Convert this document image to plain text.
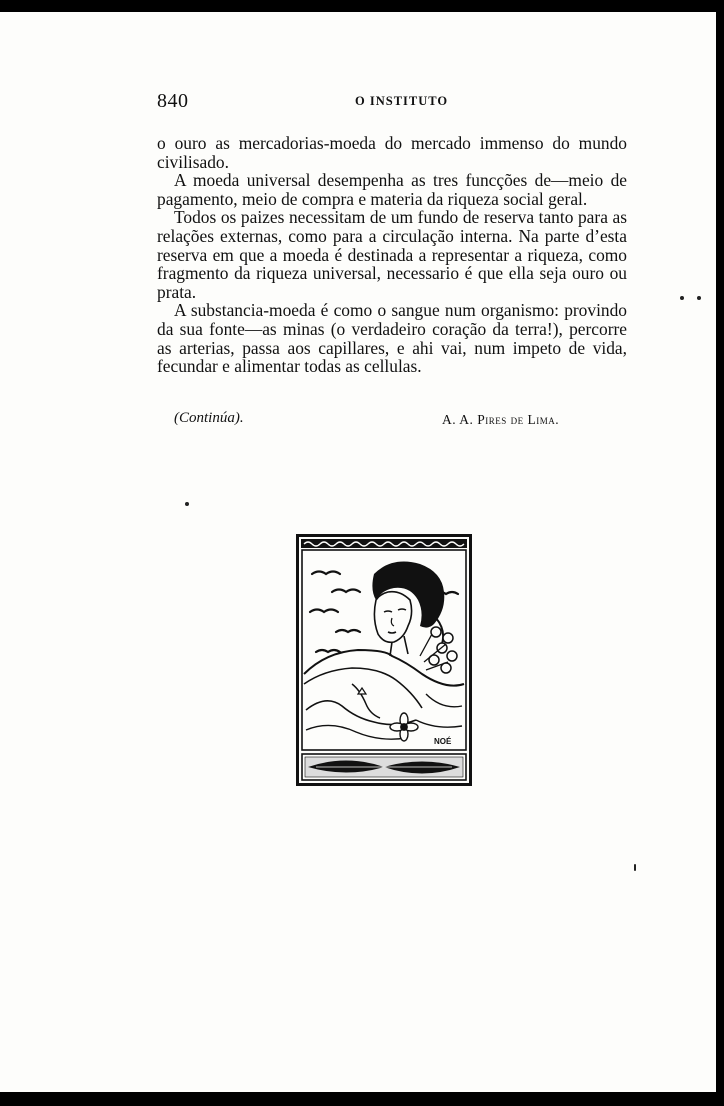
840	O INSTITUTO

o ouro as mercadorias-moeda do mercado immenso do mundo civilisado.

A moeda universal desempenha as tres funcções de—meio de pagamento, meio de compra e materia da riqueza social geral.

Todos os paizes necessitam de um fundo de reserva tanto para as relações externas, como para a circulação interna. Na parte d’esta reserva em que a moeda é destinada a representar a riqueza, como fragmento da riqueza universal, necessario é que ella seja ouro ou prata.

A substancia-moeda é como o sangue num organismo: provindo da sua fonte—as minas (o verdadeiro coração da terra!), percorre as arterias, passa aos capillares, e ahi vai, num impeto de vida, fecundar e alimentar todas as cellulas.

(Continúa).	A. A. Pires de Lima.
NOÉ
